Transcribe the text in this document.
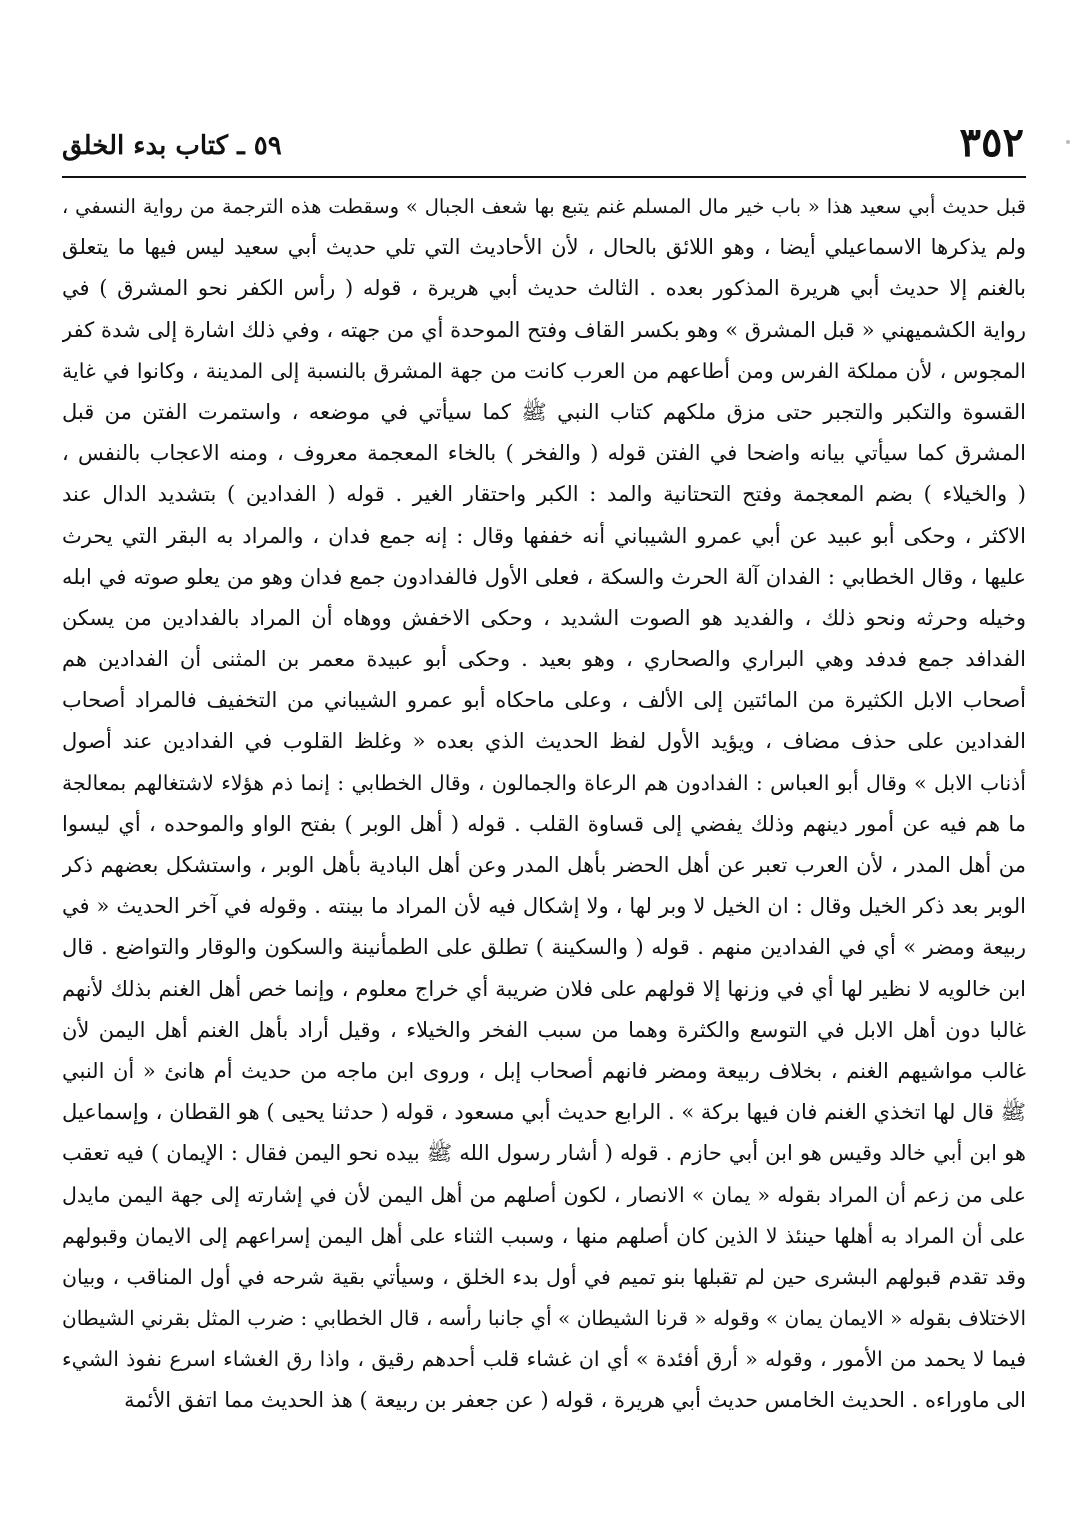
٣٥٢
٥٩ ـ كتاب بدء الخلق
قبل حديث أبي سعيد هذا « باب خير مال المسلم غنم يتبع بها شعف الجبال » وسقطت هذه الترجمة من رواية النسفي ،
ولم يذكرها الاسماعيلي أيضا ، وهو اللائق بالحال ، لأن الأحاديث التي تلي حديث أبي سعيد ليس فيها ما يتعلق
بالغنم إلا حديث أبي هريرة المذكور بعده . الثالث حديث أبي هريرة ، قوله ( رأس الكفر نحو المشرق ) في
رواية الكشميهني « قبل المشرق » وهو بكسر القاف وفتح الموحدة أي من جهته ، وفي ذلك اشارة إلى شدة كفر
المجوس ، لأن مملكة الفرس ومن أطاعهم من العرب كانت من جهة المشرق بالنسبة إلى المدينة ، وكانوا في غاية
القسوة والتكبر والتجبر حتى مزق ملكهم كتاب النبي ﷺ كما سيأتي في موضعه ، واستمرت الفتن من قبل
المشرق كما سيأتي بيانه واضحا في الفتن قوله ( والفخر ) بالخاء المعجمة معروف ، ومنه الاعجاب بالنفس ،
( والخيلاء ) بضم المعجمة وفتح التحتانية والمد : الكبر واحتقار الغير . قوله ( الفدادين ) بتشديد الدال عند
الاكثر ، وحكى أبو عبيد عن أبي عمرو الشيباني أنه خففها وقال : إنه جمع فدان ، والمراد به البقر التي يحرث
عليها ، وقال الخطابي : الفدان آلة الحرث والسكة ، فعلى الأول فالفدادون جمع فدان وهو من يعلو صوته في ابله
وخيله وحرثه ونحو ذلك ، والفديد هو الصوت الشديد ، وحكى الاخفش ووهاه أن المراد بالفدادين من يسكن
الفدافد جمع فدفد وهي البراري والصحاري ، وهو بعيد . وحكى أبو عبيدة معمر بن المثنى أن الفدادين هم
أصحاب الابل الكثيرة من المائتين إلى الألف ، وعلى ماحكاه أبو عمرو الشيباني من التخفيف فالمراد أصحاب
الفدادين على حذف مضاف ، ويؤيد الأول لفظ الحديث الذي بعده « وغلظ القلوب في الفدادين عند أصول
أذناب الابل » وقال أبو العباس : الفدادون هم الرعاة والجمالون ، وقال الخطابي : إنما ذم هؤلاء لاشتغالهم بمعالجة
ما هم فيه عن أمور دينهم وذلك يفضي إلى قساوة القلب . قوله ( أهل الوبر ) بفتح الواو والموحده ، أي ليسوا
من أهل المدر ، لأن العرب تعبر عن أهل الحضر بأهل المدر وعن أهل البادية بأهل الوبر ، واستشكل بعضهم ذكر
الوبر بعد ذكر الخيل وقال : ان الخيل لا وبر لها ، ولا إشكال فيه لأن المراد ما بينته . وقوله في آخر الحديث « في
ربيعة ومضر » أي في الفدادين منهم . قوله ( والسكينة ) تطلق على الطمأنينة والسكون والوقار والتواضع . قال
ابن خالويه لا نظير لها أي في وزنها إلا قولهم على فلان ضريبة أي خراج معلوم ، وإنما خص أهل الغنم بذلك لأنهم
غالبا دون أهل الابل في التوسع والكثرة وهما من سبب الفخر والخيلاء ، وقيل أراد بأهل الغنم أهل اليمن لأن
غالب مواشيهم الغنم ، بخلاف ربيعة ومضر فانهم أصحاب إبل ، وروى ابن ماجه من حديث أم هانئ « أن النبي
ﷺ قال لها اتخذي الغنم فان فيها بركة » . الرابع حديث أبي مسعود ، قوله ( حدثنا يحيى ) هو القطان ، وإسماعيل
هو ابن أبي خالد وقيس هو ابن أبي حازم . قوله ( أشار رسول الله ﷺ بيده نحو اليمن فقال : الإيمان ) فيه تعقب
على من زعم أن المراد بقوله « يمان » الانصار ، لكون أصلهم من أهل اليمن لأن في إشارته إلى جهة اليمن مايدل
على أن المراد به أهلها حينئذ لا الذين كان أصلهم منها ، وسبب الثناء على أهل اليمن إسراعهم إلى الايمان وقبولهم
وقد تقدم قبولهم البشرى حين لم تقبلها بنو تميم في أول بدء الخلق ، وسيأتي بقية شرحه في أول المناقب ، وبيان
الاختلاف بقوله « الايمان يمان » وقوله « قرنا الشيطان » أي جانبا رأسه ، قال الخطابي : ضرب المثل بقرني الشيطان
فيما لا يحمد من الأمور ، وقوله « أرق أفئدة » أي ان غشاء قلب أحدهم رقيق ، واذا رق الغشاء اسرع نفوذ الشيء
الى ماوراءه . الحديث الخامس حديث أبي هريرة ، قوله ( عن جعفر بن ربيعة ) هذ الحديث مما اتفق الأئمة
